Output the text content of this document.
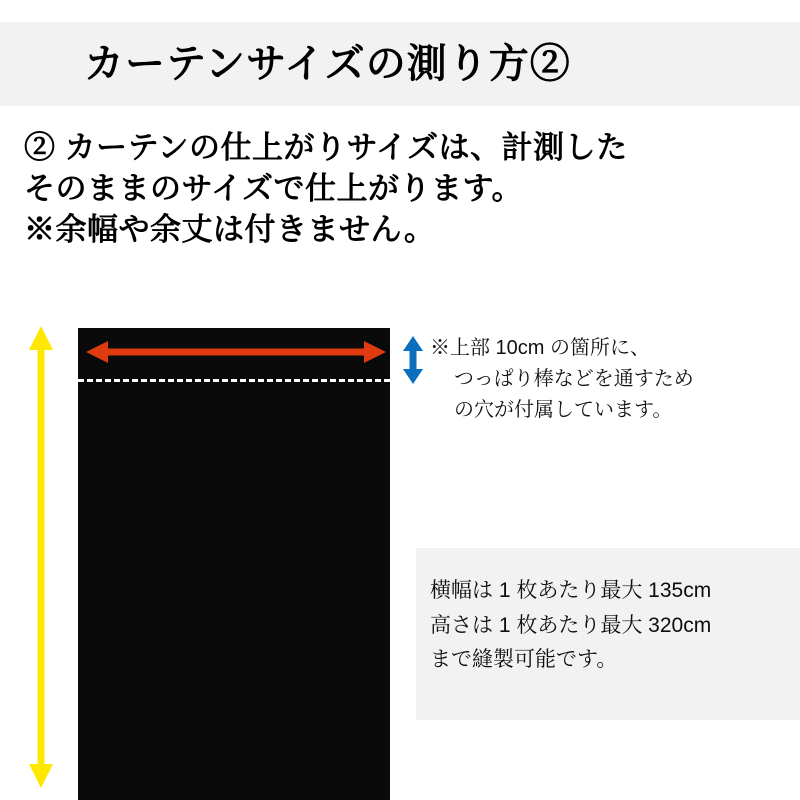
カーテンサイズの測り方②
② カーテンの仕上がりサイズは、計測した
そのままのサイズで仕上がります。
※余幅や余丈は付きません。
※上部 10cm の箇所に、
つっぱり棒などを通すため
の穴が付属しています。
横幅は 1 枚あたり最大 135cm
高さは 1 枚あたり最大 320cm
まで縫製可能です。
